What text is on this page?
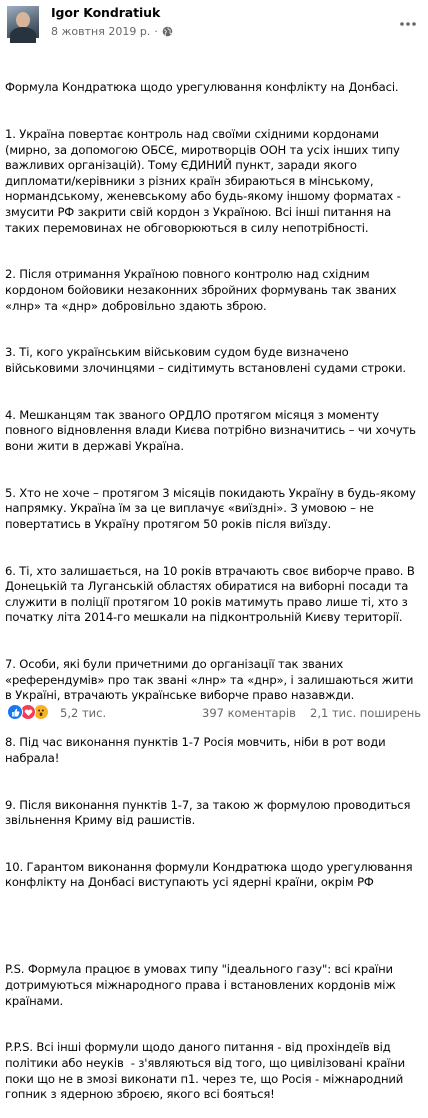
Igor Kondratiuk
8 жовтня 2019 р. ·

Формула Кондратюка щодо урегулювання конфлікту на Донбасі.

1. Україна повертає контроль над своїми східними кордонами (мирно, за допомогою ОБСЄ, миротворців ООН та усіх інших типу важливих організацій). Тому ЄДИНИЙ пункт, заради якого дипломати/керівники з різних країн збираються в мінському, нормандському, женевському або будь-якому іншому форматах - змусити РФ закрити свій кордон з Україною. Всі інші питання на таких перемовинах не обговорюються в силу непотрібності.

2. Після отримання Україною повного контролю над східним кордоном бойовики незаконних збройних формувань так званих «лнр» та «днр» добровільно здають зброю.

3. Ті, кого українським військовим судом буде визначено військовими злочинцями – сидітимуть встановлені судами строки.

4. Мешканцям так званого ОРДЛО протягом місяця з моменту повного відновлення влади Києва потрібно визначитись – чи хочуть вони жити в державі Україна.

5. Хто не хоче – протягом 3 місяців покидають Україну в будь-якому напрямку. Україна їм за це виплачує «виїздні». З умовою – не повертатись в Україну протягом 50 років після виїзду.

6. Ті, хто залишається, на 10 років втрачають своє виборче право. В Донецькій та Луганській областях обиратися на виборні посади та служити в поліції протягом 10 років матимуть право лише ті, хто з початку літа 2014-го мешкали на підконтрольній Києву території.

7. Особи, які були причетними до організації так званих «референдумів» про так звані «лнр» та «днр», і залишаються жити в Україні, втрачають українське виборче право назавжди.

8. Під час виконання пунктів 1-7 Росія мовчить, ніби в рот води набрала!

9. Після виконання пунктів 1-7, за такою ж формулою проводиться звільнення Криму від рашистів.

10. Гарантом виконання формули Кондратюка щодо урегулювання конфлікту на Донбасі виступають усі ядерні країни, окрім РФ

P.S. Формула працює в умовах типу "ідеального газу": всі країни дотримуються міжнародного права і встановлених кордонів між країнами.

P.P.S. Всі інші формули щодо даного питання - від прохіндеїв від політики або неуків  - з'являються від того, що цивілізовані країни поки що не в змозі виконати п1. через те, що Росія - міжнародний гопник з ядерною зброєю, якого всі бояться!

5,2 тис.	397 коментарів 2,1 тис. поширень
